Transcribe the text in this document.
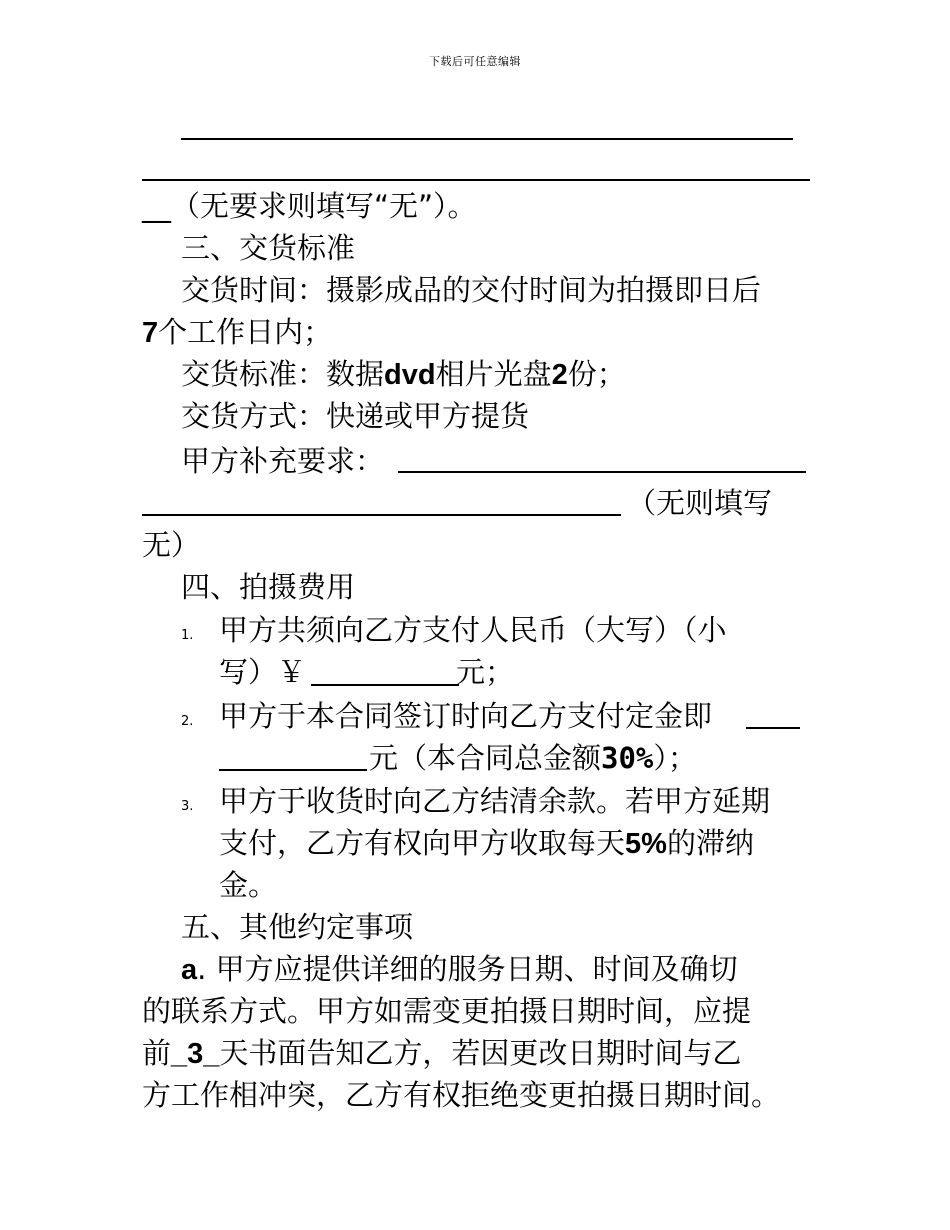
下载后可任意编辑
__（无要求则填写“无”）。
三、交货标准
交货时间：摄影成品的交付时间为拍摄即日后
7个工作日内；
交货标准：数据dvd相片光盘2份；
交货方式：快递或甲方提货
甲方补充要求：
（无则填写
无）
四、拍摄费用
1. 甲方共须向乙方支付人民币（大写）（小
写）￥	元；
2. 甲方于本合同签订时向乙方支付定金即
元（本合同总金额30%）；
3. 甲方于收货时向乙方结清余款。若甲方延期
支付，乙方有权向甲方收取每天5%的滞纳
金。
五、其他约定事项
a. 甲方应提供详细的服务日期、时间及确切
的联系方式。甲方如需变更拍摄日期时间，应提
前_3_天书面告知乙方，若因更改日期时间与乙
方工作相冲突，乙方有权拒绝变更拍摄日期时间。
